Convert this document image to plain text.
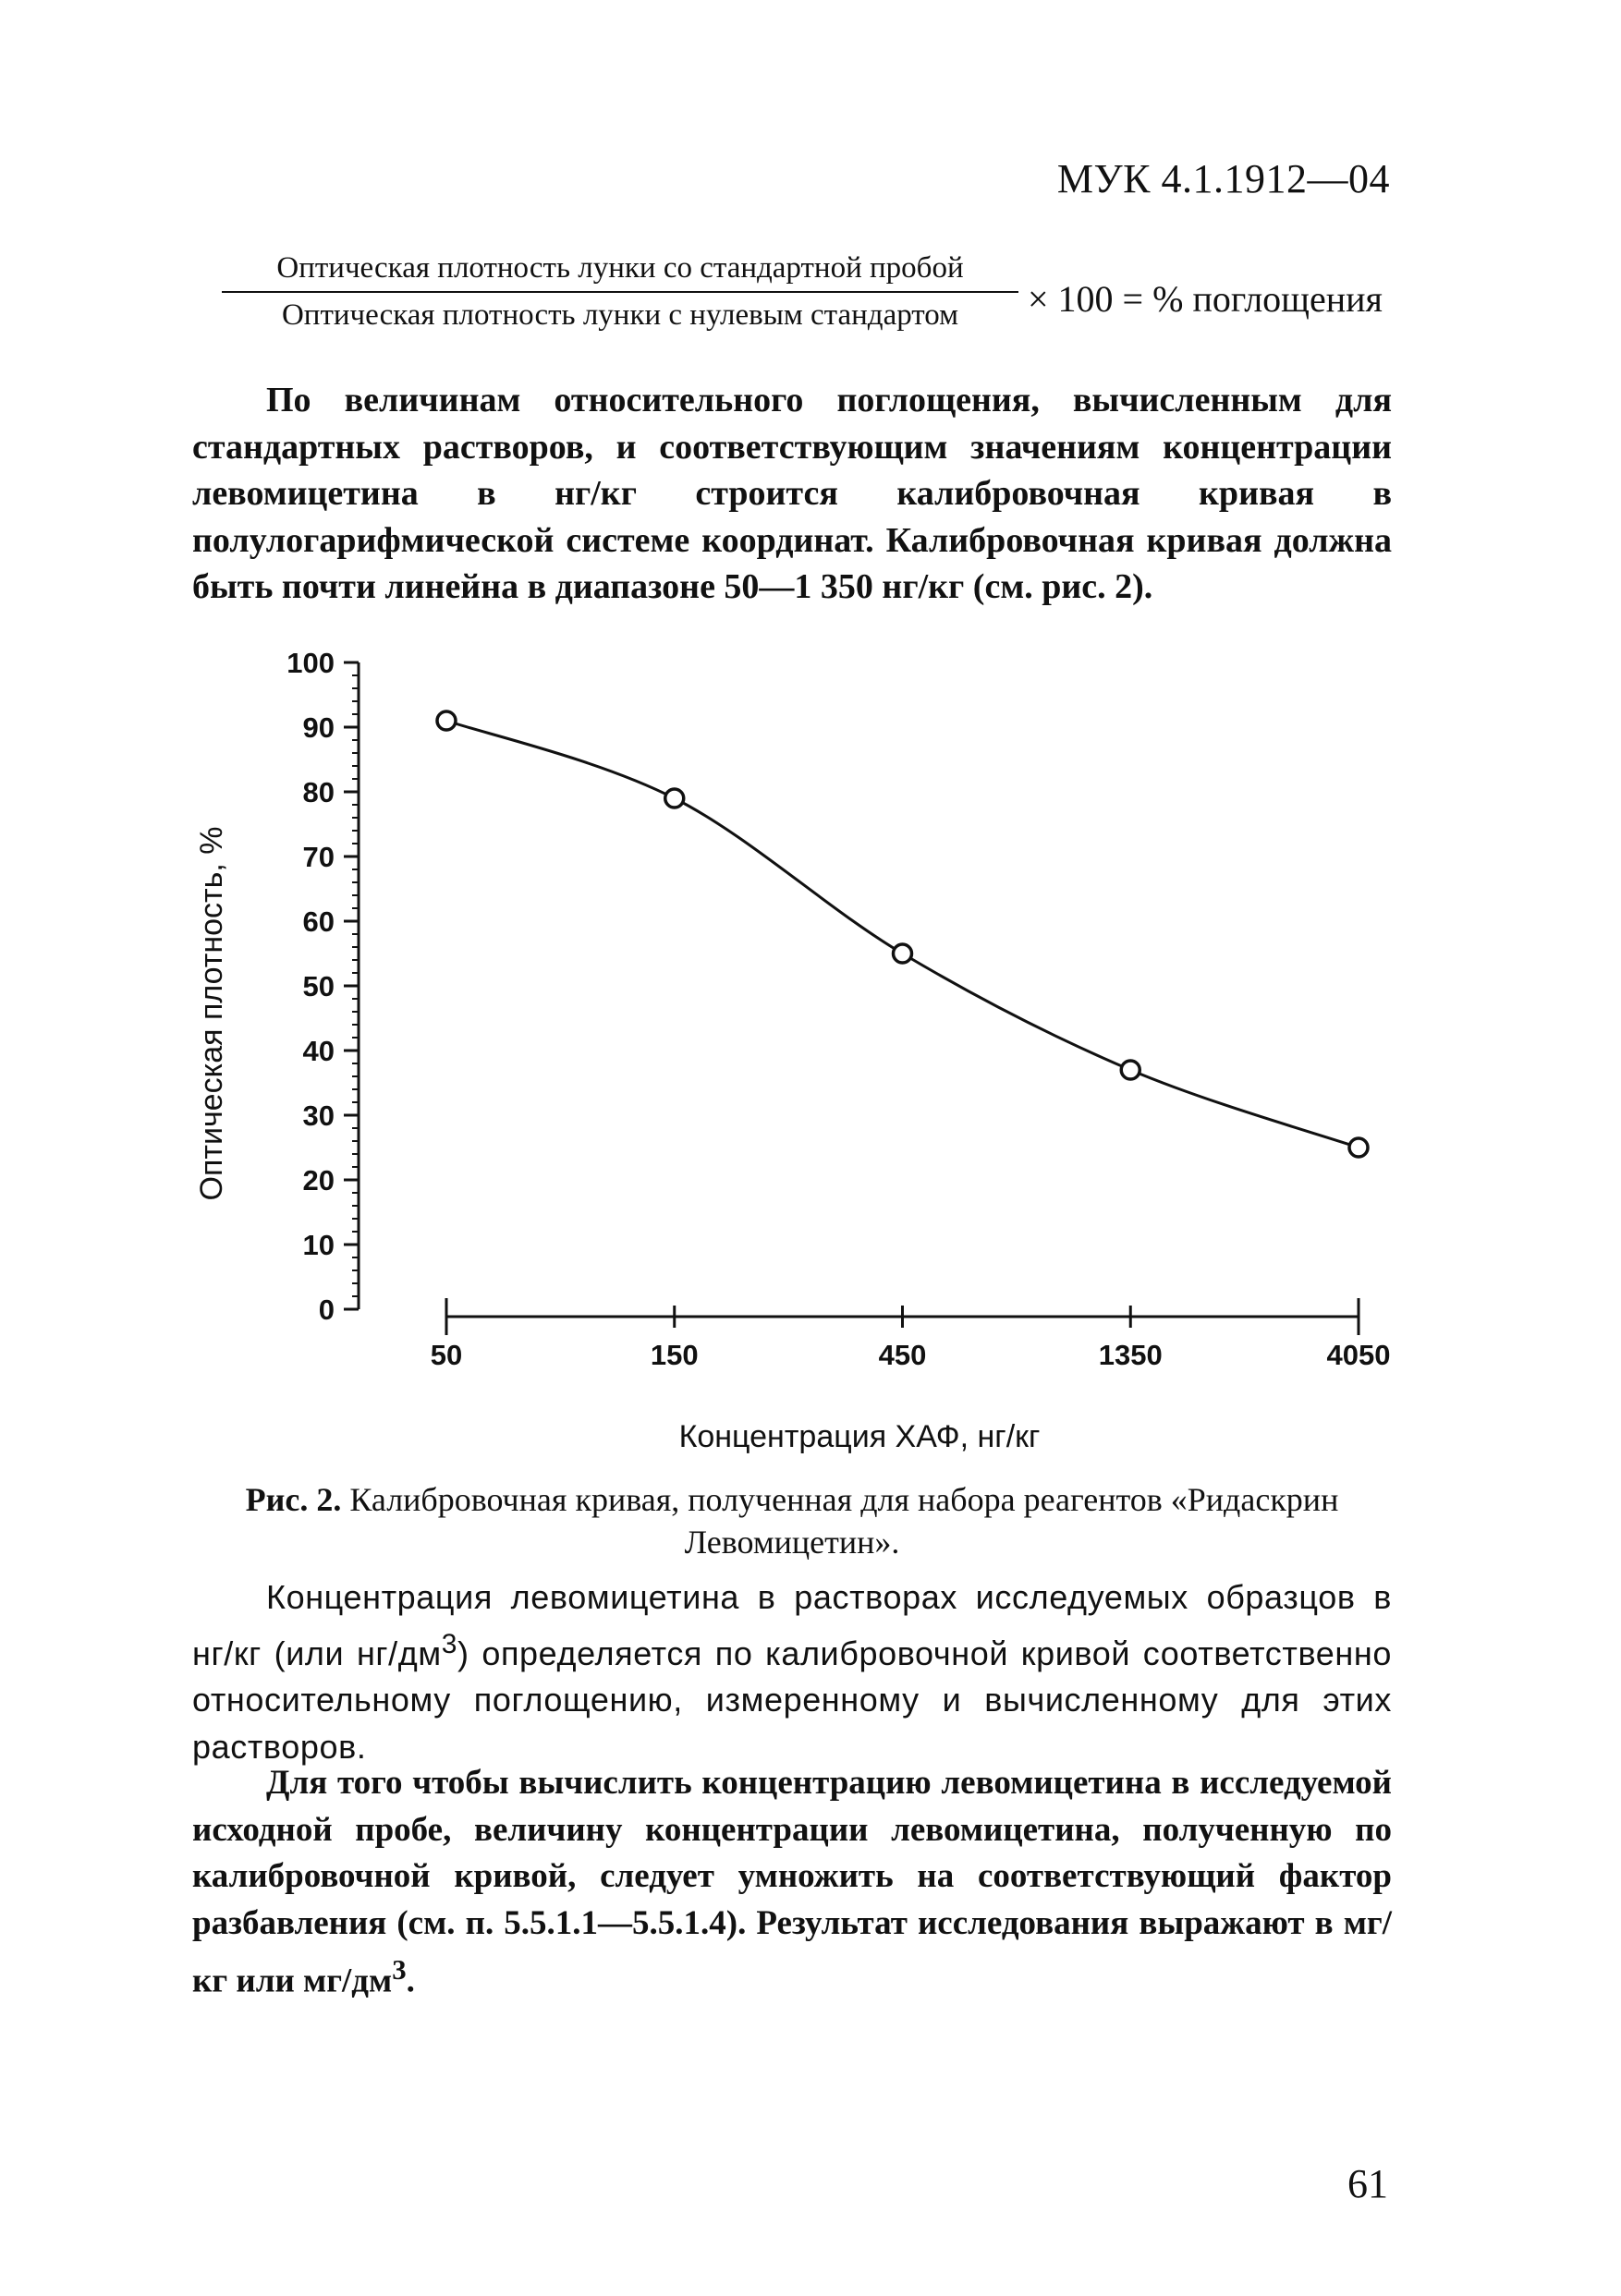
МУК 4.1.1912—04
Оптическая плотность лунки со стандартной пробой
Оптическая плотность лунки с нулевым стандартом	× 100 = % поглощения

По величинам относительного поглощения, вычисленным для стандартных растворов, и соответствующим значениям концентрации левомицетина в нг/кг строится калибровочная кривая в полулогарифмической системе координат. Калибровочная кривая должна быть почти линейна в диапазоне 50—1 350 нг/кг (см. рис. 2).

0
10
20
30
40
50
60
70
80
90
100
50	150	450	1350	4050
Оптическая плотность, %
Концентрация ХАФ, нг/кг
Рис. 2. Калибровочная кривая, полученная для набора реагентов «Ридаскрин Левомицетин».

Концентрация левомицетина в растворах исследуемых образцов в нг/кг (или $нг/дм^3$) определяется по калибровочной кривой соответственно относительному поглощению, измеренному и вычисленному для этих растворов.

Для того чтобы вычислить концентрацию левомицетина в исследуемой исходной пробе, величину концентрации левомицетина, полученную по калибровочной кривой, следует умножить на соответствующий фактор разбавления (см. п. 5.5.1.1—5.5.1.4). Результат исследования выражают в мг/кг или $мг/дм^3$.

61
